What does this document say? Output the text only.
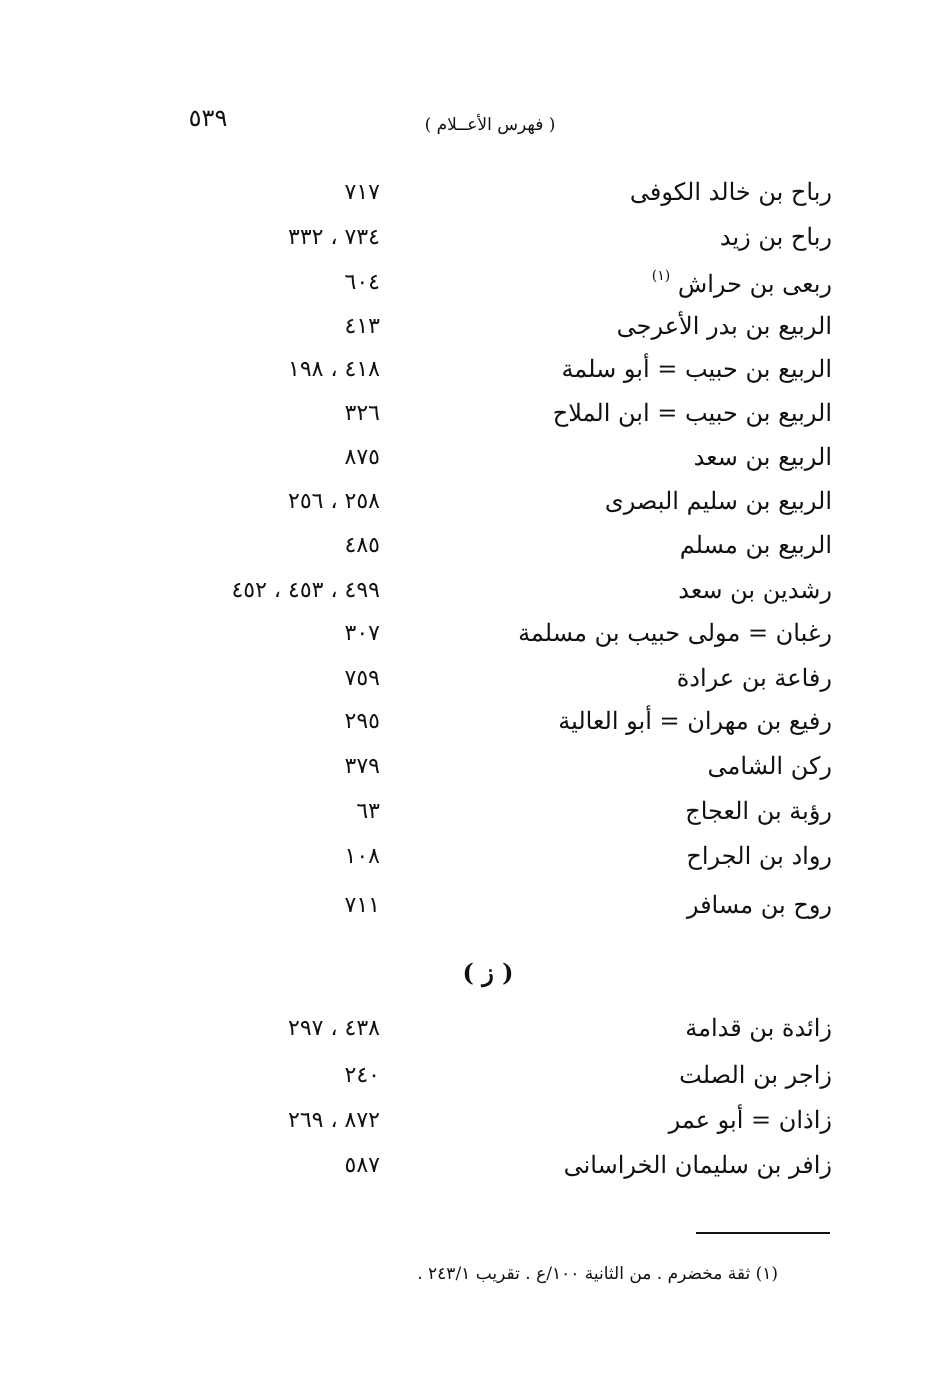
٥٣٩	( فهرس الأعــلام )
رباح بن خالد الكوفى
٧١٧
رباح بن زيد
٧٣٤ ، ٣٣٢
ربعى بن حراش $^{(١)}$
٦٠٤
الربيع بن بدر الأعرجى
٤١٣
الربيع بن حبيب = أبو سلمة
٤١٨ ، ١٩٨
الربيع بن حبيب = ابن الملاح
٣٢٦
الربيع بن سعد
٨٧٥
الربيع بن سليم البصرى
٢٥٨ ، ٢٥٦
الربيع بن مسلم
٤٨٥
رشدين بن سعد
٤٩٩ ، ٤٥٣ ، ٤٥٢
رغبان = مولى حبيب بن مسلمة
٣٠٧
رفاعة بن عرادة
٧٥٩
رفيع بن مهران = أبو العالية
٢٩٥
ركن الشامى
٣٧٩
رؤبة بن العجاج
٦٣
رواد بن الجراح
١٠٨
روح بن مسافر
٧١١
( ز )
زائدة بن قدامة
٤٣٨ ، ٢٩٧
زاجر بن الصلت
٢٤٠
زاذان = أبو عمر
٨٧٢ ، ٢٦٩
زافر بن سليمان الخراسانى
٥٨٧
(١) ثقة مخضرم . من الثانية ١٠٠/ع . تقريب ٢٤٣/١ .
